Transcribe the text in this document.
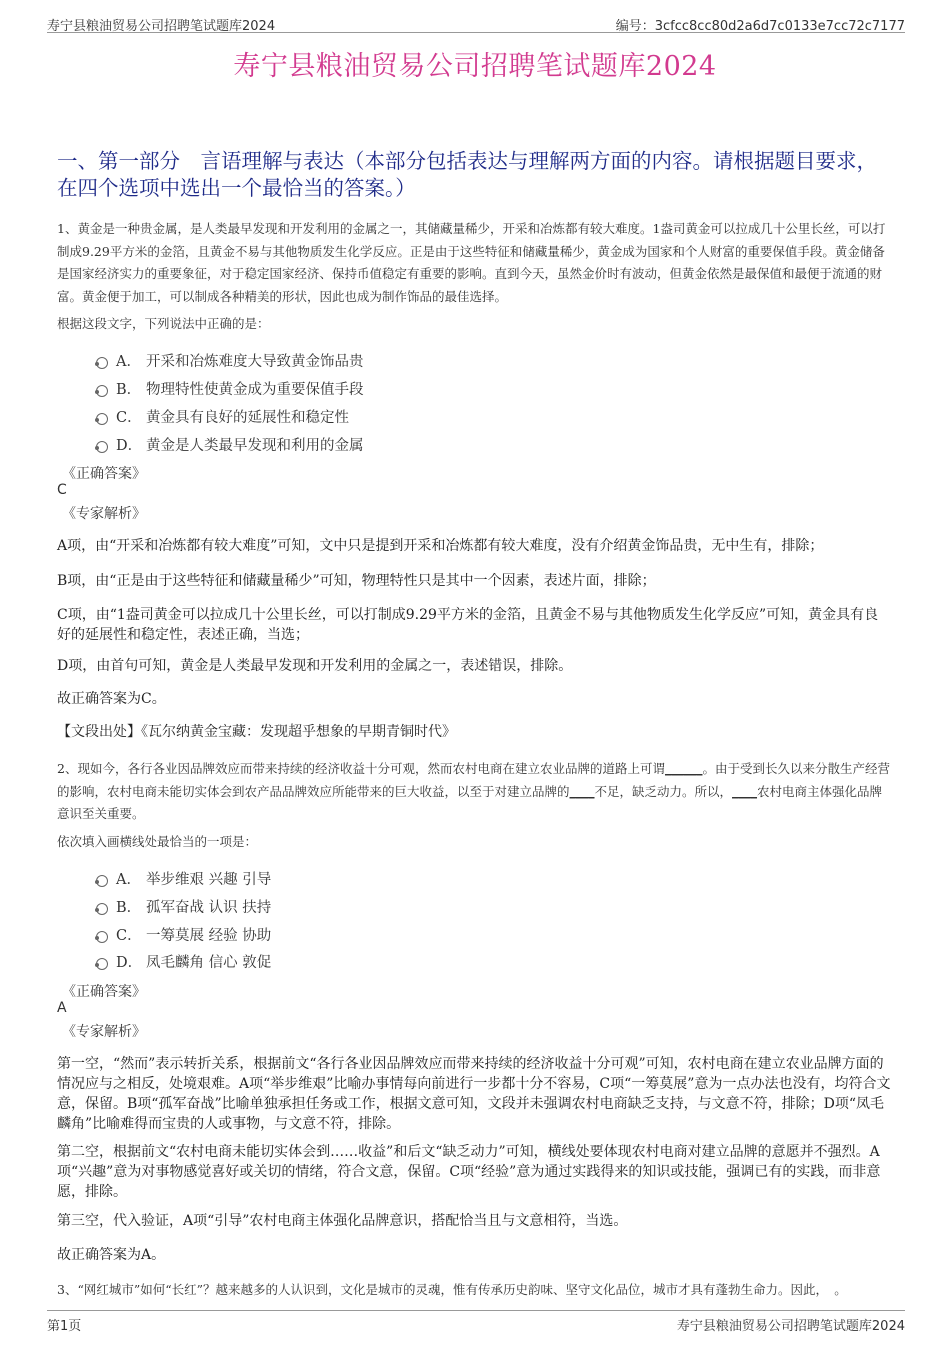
寿宁县粮油贸易公司招聘笔试题库2024	编号：3cfcc8cc80d2a6d7c0133e7cc72c7177
寿宁县粮油贸易公司招聘笔试题库2024
一、第一部分　言语理解与表达（本部分包括表达与理解两方面的内容。请根据题目要求，在四个选项中选出一个最恰当的答案。）
1、黄金是一种贵金属，是人类最早发现和开发利用的金属之一，其储藏量稀少，开采和冶炼都有较大难度。1盎司黄金可以拉成几十公里长丝，可以打制成9.29平方米的金箔，且黄金不易与其他物质发生化学反应。正是由于这些特征和储藏量稀少，黄金成为国家和个人财富的重要保值手段。黄金储备是国家经济实力的重要象征，对于稳定国家经济、保持币值稳定有重要的影响。直到今天，虽然金价时有波动，但黄金依然是最保值和最便于流通的财富。黄金便于加工，可以制成各种精美的形状，因此也成为制作饰品的最佳选择。
根据这段文字，下列说法中正确的是：
A． 开采和冶炼难度大导致黄金饰品贵
B． 物理特性使黄金成为重要保值手段
C． 黄金具有良好的延展性和稳定性
D． 黄金是人类最早发现和利用的金属
《正确答案》
C
《专家解析》
A项，由“开采和冶炼都有较大难度”可知，文中只是提到开采和冶炼都有较大难度，没有介绍黄金饰品贵，无中生有，排除；
B项，由“正是由于这些特征和储藏量稀少”可知，物理特性只是其中一个因素，表述片面，排除；
C项，由“1盎司黄金可以拉成几十公里长丝，可以打制成9.29平方米的金箔，且黄金不易与其他物质发生化学反应”可知，黄金具有良好的延展性和稳定性，表述正确，当选；
D项，由首句可知，黄金是人类最早发现和开发利用的金属之一，表述错误，排除。
故正确答案为C。
【文段出处】《瓦尔纳黄金宝藏：发现超乎想象的早期青铜时代》
2、现如今，各行各业因品牌效应而带来持续的经济收益十分可观，然而农村电商在建立农业品牌的道路上可谓______。由于受到长久以来分散生产经营的影响，农村电商未能切实体会到农产品品牌效应所能带来的巨大收益，以至于对建立品牌的____不足，缺乏动力。所以，____农村电商主体强化品牌意识至关重要。
依次填入画横线处最恰当的一项是：
A． 举步维艰 兴趣 引导
B． 孤军奋战 认识 扶持
C． 一筹莫展 经验 协助
D． 凤毛麟角 信心 敦促
《正确答案》
A
《专家解析》
第一空，“然而”表示转折关系，根据前文“各行各业因品牌效应而带来持续的经济收益十分可观”可知，农村电商在建立农业品牌方面的情况应与之相反，处境艰难。A项“举步维艰”比喻办事情每向前进行一步都十分不容易，C项“一筹莫展”意为一点办法也没有，均符合文意，保留。B项“孤军奋战”比喻单独承担任务或工作，根据文意可知，文段并未强调农村电商缺乏支持，与文意不符，排除；D项“凤毛麟角”比喻难得而宝贵的人或事物，与文意不符，排除。
第二空，根据前文“农村电商未能切实体会到……收益”和后文“缺乏动力”可知，横线处要体现农村电商对建立品牌的意愿并不强烈。A项“兴趣”意为对事物感觉喜好或关切的情绪，符合文意，保留。C项“经验”意为通过实践得来的知识或技能，强调已有的实践，而非意愿，排除。
第三空，代入验证，A项“引导”农村电商主体强化品牌意识，搭配恰当且与文意相符，当选。
故正确答案为A。
3、“网红城市”如何“长红”？越来越多的人认识到，文化是城市的灵魂，惟有传承历史韵味、坚守文化品位，城市才具有蓬勃生命力。因此，　。
第1页	寿宁县粮油贸易公司招聘笔试题库2024
